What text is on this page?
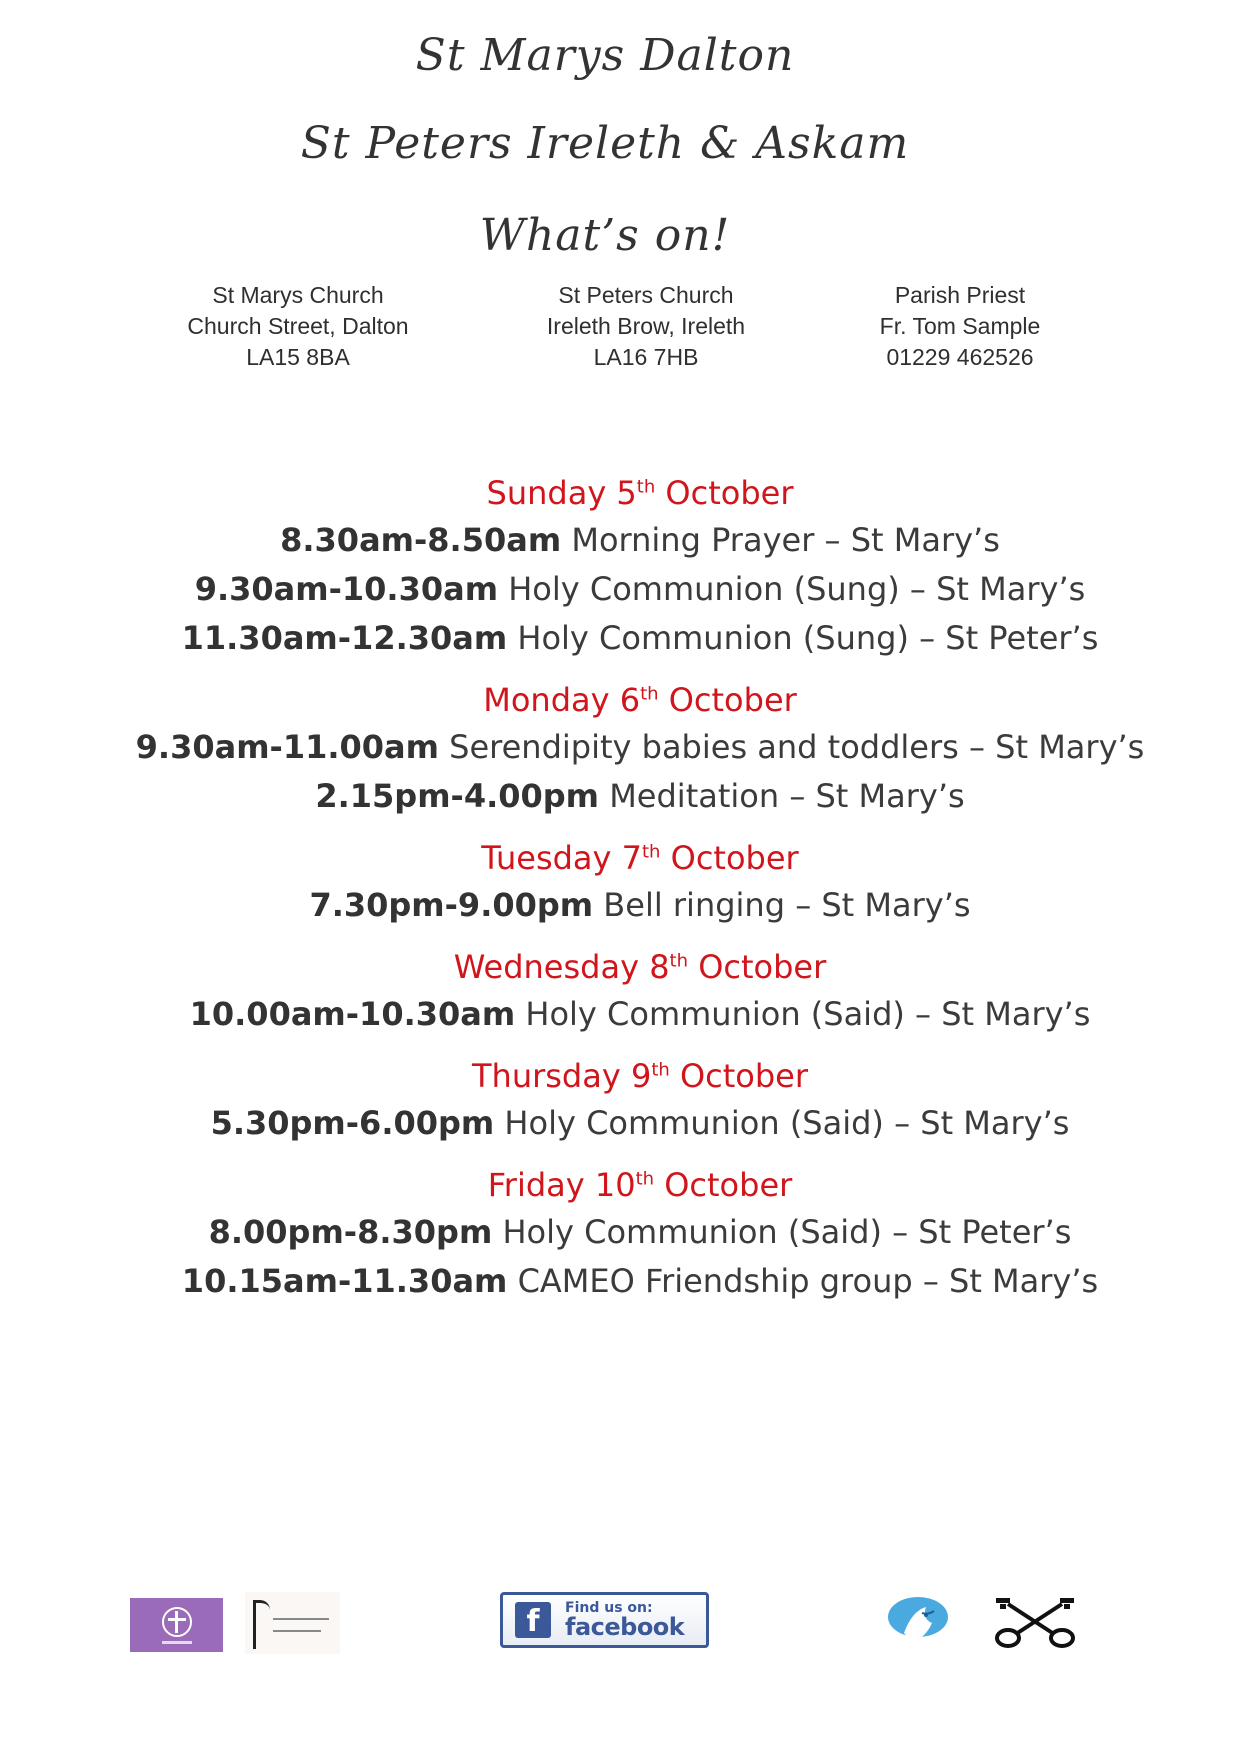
St Marys Dalton
St Peters Ireleth & Askam
What’s on!
St Marys Church
Church Street, Dalton
LA15 8BA
St Peters Church
Ireleth Brow, Ireleth
LA16 7HB
Parish Priest
Fr. Tom Sample
01229 462526
Sunday 5th October

8.30am-8.50am Morning Prayer – St Mary’s

9.30am-10.30am Holy Communion (Sung) – St Mary’s

11.30am-12.30am Holy Communion (Sung) – St Peter’s

Monday 6th October

9.30am-11.00am Serendipity babies and toddlers – St Mary’s

2.15pm-4.00pm Meditation – St Mary’s

Tuesday 7th October

7.30pm-9.00pm Bell ringing – St Mary’s

Wednesday 8th October

10.00am-10.30am Holy Communion (Said) – St Mary’s

Thursday 9th October

5.30pm-6.00pm Holy Communion (Said) – St Mary’s

Friday 10th October

8.00pm-8.30pm Holy Communion (Said) – St Peter’s

10.15am-11.30am CAMEO Friendship group – St Mary’s

f	Find us on:
facebook
